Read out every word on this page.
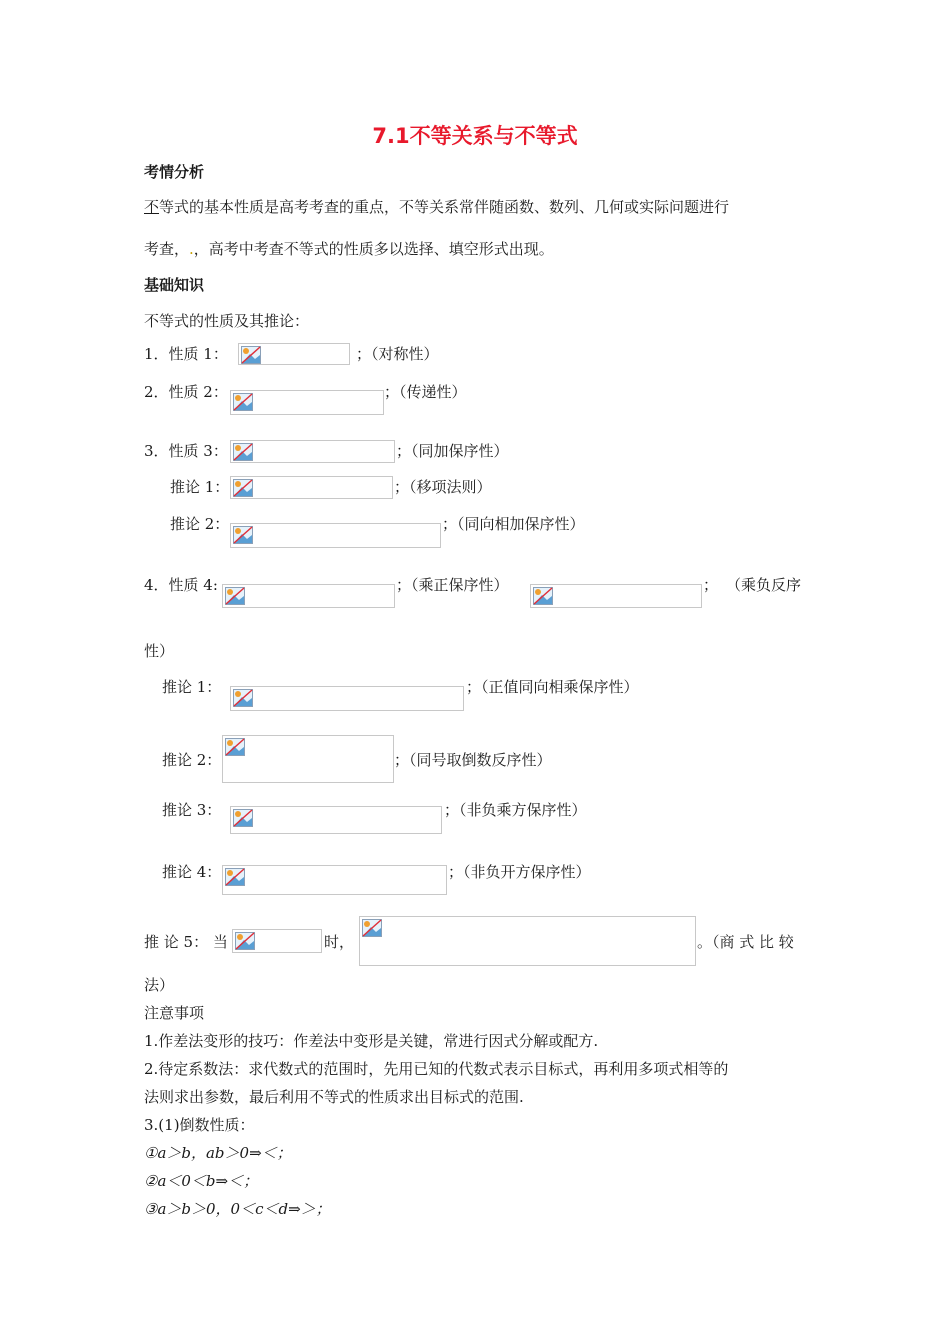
7.1不等关系与不等式
考情分析
不等式的基本性质是高考考查的重点，不等关系常伴随函数、数列、几何或实际问题进行
考查，.，高考中考查不等式的性质多以选择、填空形式出现。
基础知识
不等式的性质及其推论：
1．性质 1：	；（对称性）
2．性质 2：	；（传递性）
3．性质 3：	；（同加保序性）
推论 1：	；（移项法则）
推论 2：	；（同向相加保序性）
4．性质 4:	；（乘正保序性）	； （乘负反序
性）
推论 1：	；（正值同向相乘保序性）
推论 2：	；（同号取倒数反序性）
推论 3：	；（非负乘方保序性）
推论 4：	；（非负开方保序性）
推 论 5： 当	时，	。（商 式 比 较
法）
注意事项
1.作差法变形的技巧：作差法中变形是关键，常进行因式分解或配方.
2.待定系数法：求代数式的范围时，先用已知的代数式表示目标式，再利用多项式相等的
法则求出参数，最后利用不等式的性质求出目标式的范围.
3.(1)倒数性质：
①a＞b，ab＞0⇒＜；
②a＜0＜b⇒＜；
③a＞b＞0，0＜c＜d⇒＞；
